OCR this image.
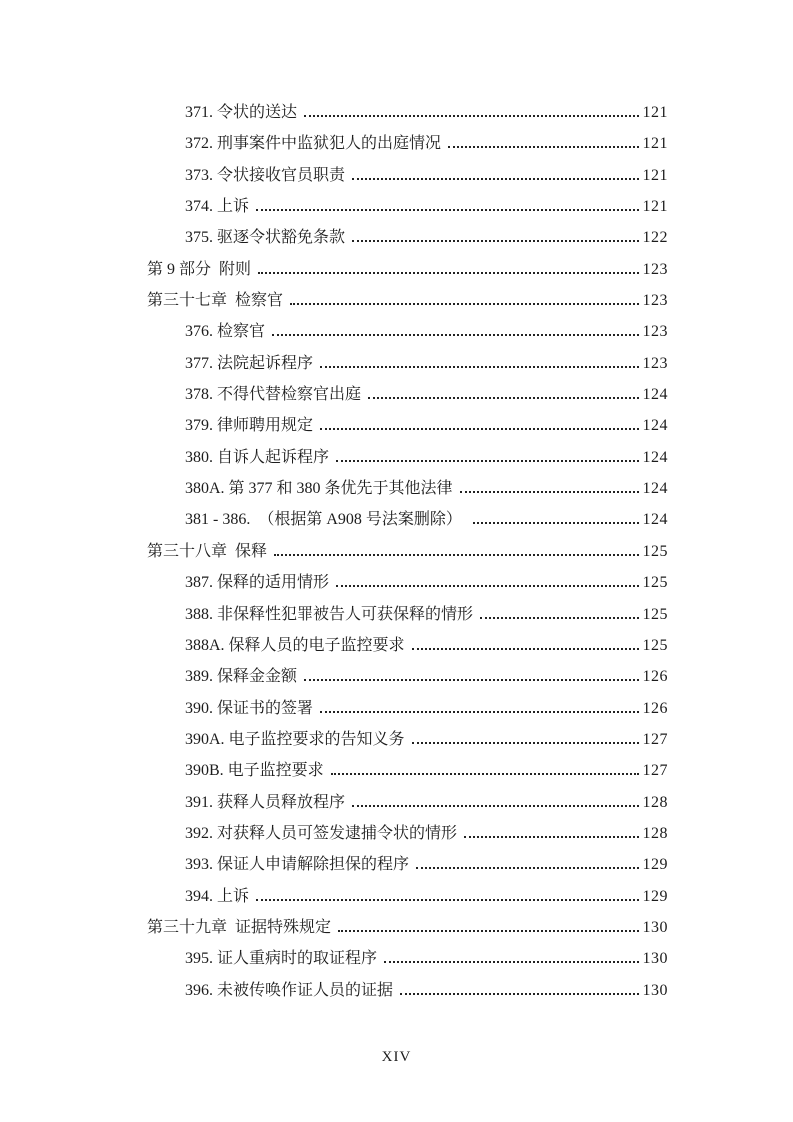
371. 令状的送达	121
372. 刑事案件中监狱犯人的出庭情况	121
373. 令状接收官员职责	121
374. 上诉	121
375. 驱逐令状豁免条款	122
第 9 部分  附则	123
第三十七章  检察官	123
376. 检察官	123
377. 法院起诉程序	123
378. 不得代替检察官出庭	124
379. 律师聘用规定	124
380. 自诉人起诉程序	124
380A. 第 377 和 380 条优先于其他法律	124
381 - 386.  （根据第 A908 号法案删除）	124
第三十八章  保释	125
387. 保释的适用情形	125
388. 非保释性犯罪被告人可获保释的情形	125
388A. 保释人员的电子监控要求	125
389. 保释金金额	126
390. 保证书的签署	126
390A. 电子监控要求的告知义务	127
390B. 电子监控要求	127
391. 获释人员释放程序	128
392. 对获释人员可签发逮捕令状的情形	128
393. 保证人申请解除担保的程序	129
394. 上诉	129
第三十九章  证据特殊规定	130
395. 证人重病时的取证程序	130
396. 未被传唤作证人员的证据	130
XIV
